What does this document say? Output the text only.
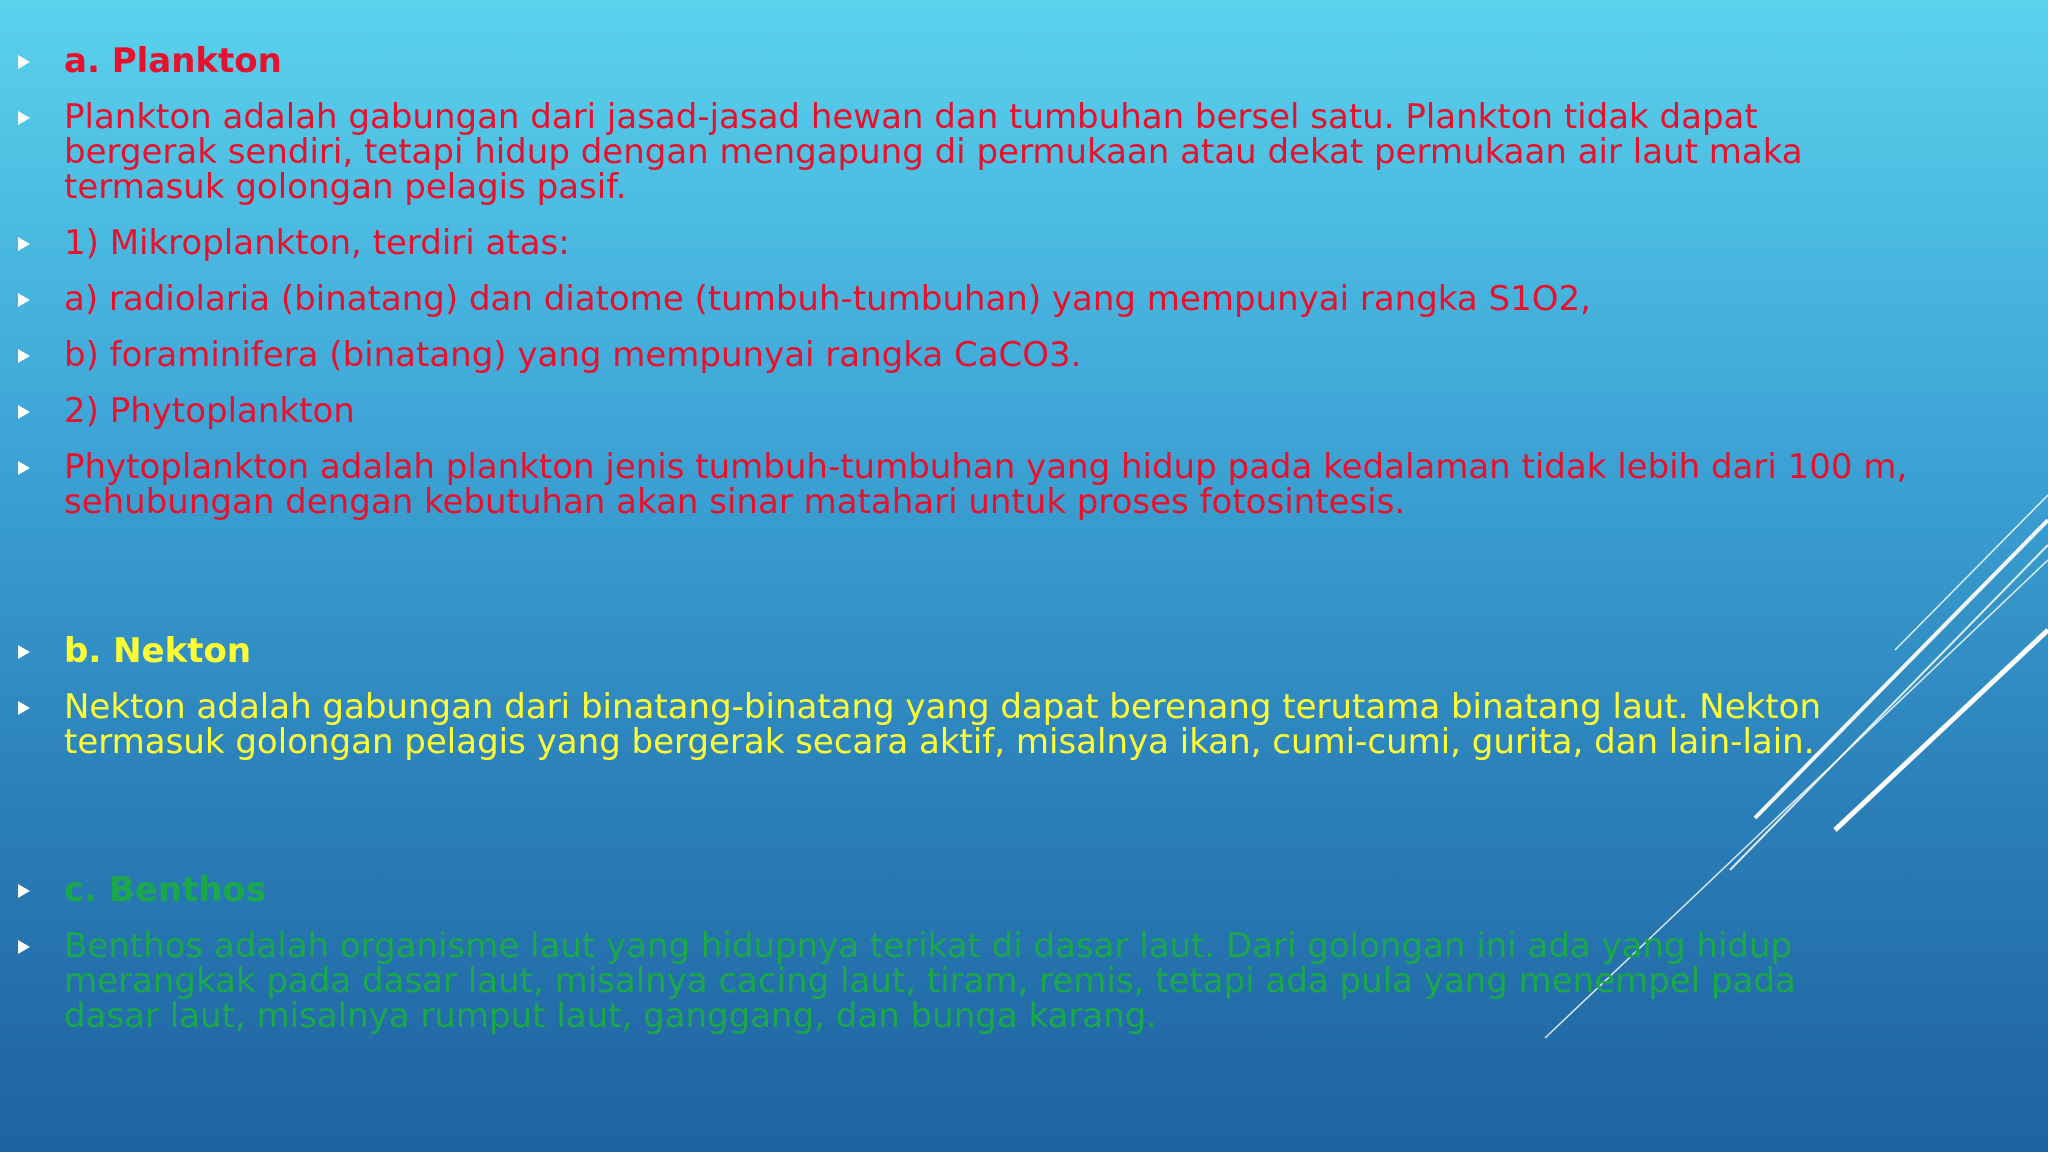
a. Plankton
Plankton adalah gabungan dari jasad-jasad hewan dan tumbuhan bersel satu. Plankton tidak dapat
bergerak sendiri, tetapi hidup dengan mengapung di permukaan atau dekat permukaan air laut maka
termasuk golongan pelagis pasif.
1) Mikroplankton, terdiri atas:
a) radiolaria (binatang) dan diatome (tumbuh-tumbuhan) yang mempunyai rangka S1O2,
b) foraminifera (binatang) yang mempunyai rangka CaCO3.
2) Phytoplankton
Phytoplankton adalah plankton jenis tumbuh-tumbuhan yang hidup pada kedalaman tidak lebih dari 100 m,
sehubungan dengan kebutuhan akan sinar matahari untuk proses fotosintesis.
b. Nekton
Nekton adalah gabungan dari binatang-binatang yang dapat berenang terutama binatang laut. Nekton
termasuk golongan pelagis yang bergerak secara aktif, misalnya ikan, cumi-cumi, gurita, dan lain-lain.
c. Benthos
Benthos adalah organisme laut yang hidupnya terikat di dasar laut. Dari golongan ini ada yang hidup
merangkak pada dasar laut, misalnya cacing laut, tiram, remis, tetapi ada pula yang menempel pada
dasar laut, misalnya rumput laut, ganggang, dan bunga karang.
